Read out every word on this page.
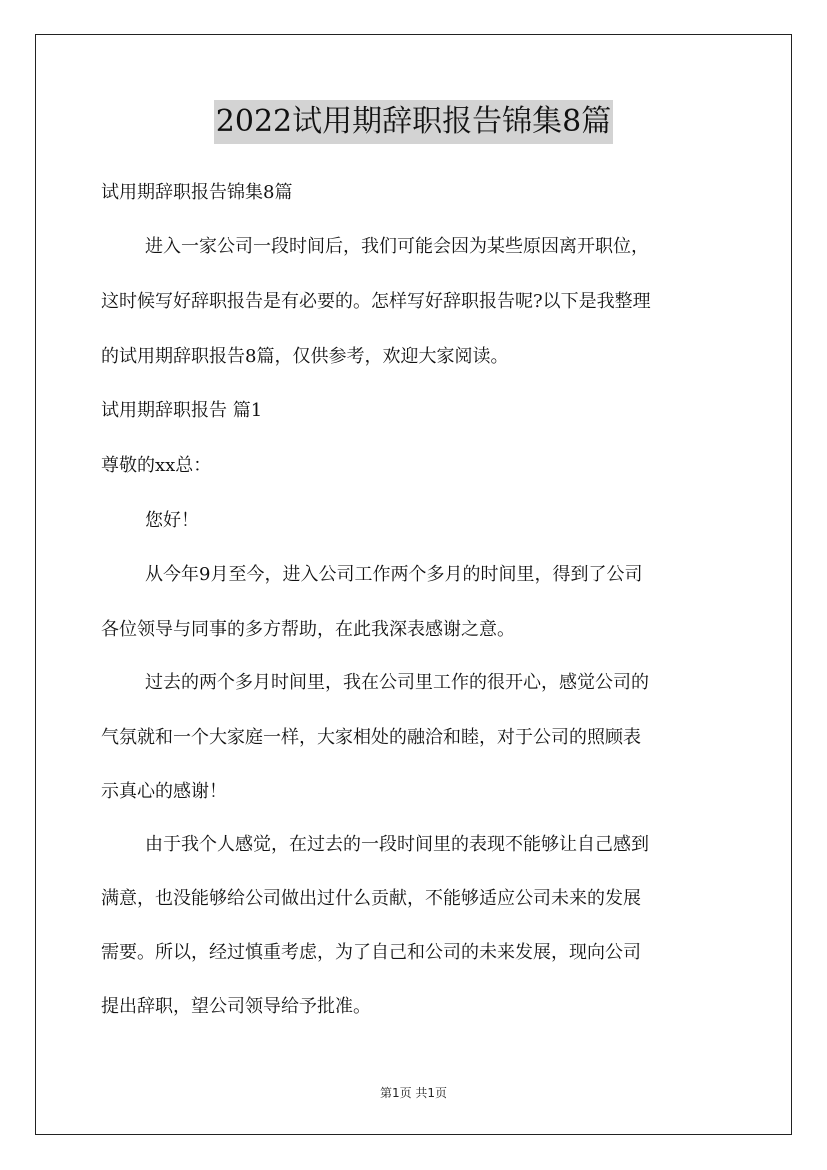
2022试用期辞职报告锦集8篇
试用期辞职报告锦集8篇
进入一家公司一段时间后，我们可能会因为某些原因离开职位，
这时候写好辞职报告是有必要的。怎样写好辞职报告呢?以下是我整理
的试用期辞职报告8篇，仅供参考，欢迎大家阅读。
试用期辞职报告 篇1
尊敬的xx总：
您好！
从今年9月至今，进入公司工作两个多月的时间里，得到了公司
各位领导与同事的多方帮助，在此我深表感谢之意。
过去的两个多月时间里，我在公司里工作的很开心，感觉公司的
气氛就和一个大家庭一样，大家相处的融洽和睦，对于公司的照顾表
示真心的感谢！
由于我个人感觉，在过去的一段时间里的表现不能够让自己感到
满意，也没能够给公司做出过什么贡献，不能够适应公司未来的发展
需要。所以，经过慎重考虑，为了自己和公司的未来发展，现向公司
提出辞职，望公司领导给予批准。
第1页 共1页
